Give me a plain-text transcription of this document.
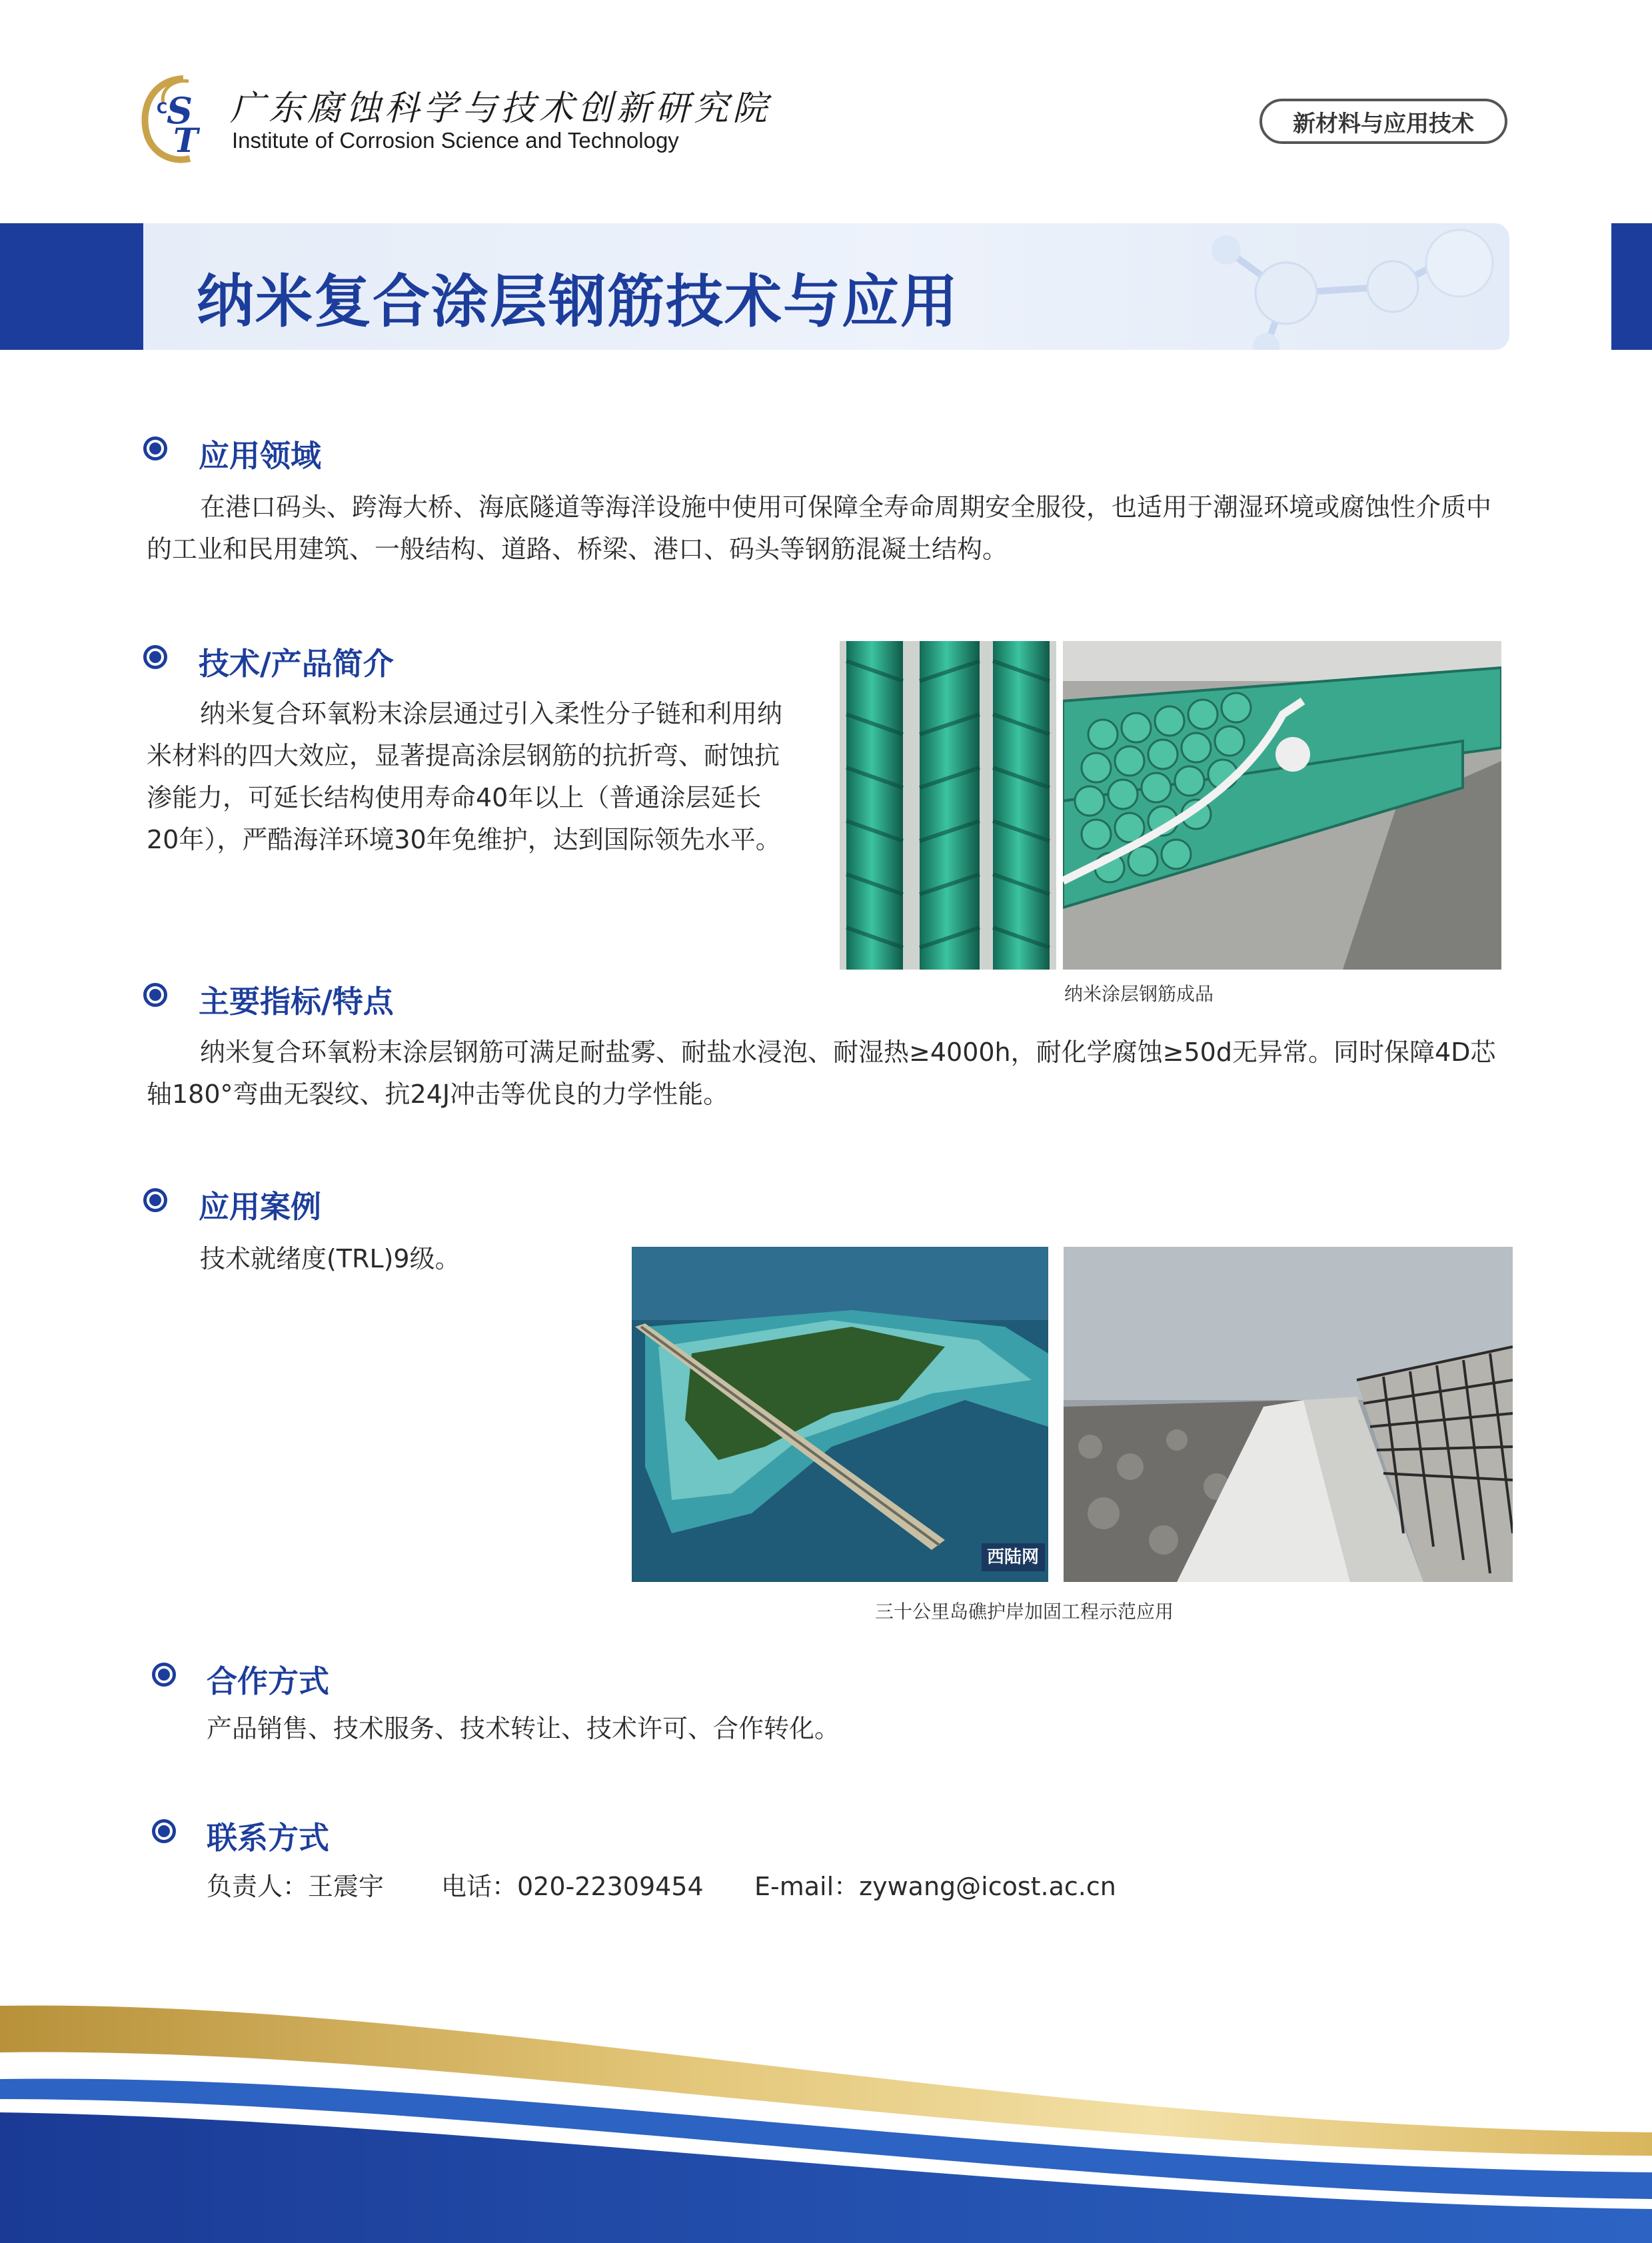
S
T
C 广东腐蚀科学与技术创新研究院
Institute of Corrosion Science and Technology
新材料与应用技术
纳米复合涂层钢筋技术与应用
应用领域
在港口码头、跨海大桥、海底隧道等海洋设施中使用可保障全寿命周期安全服役，也适用于潮湿环境或腐蚀性介质中的工业和民用建筑、一般结构、道路、桥梁、港口、码头等钢筋混凝土结构。
技术/产品简介
纳米复合环氧粉末涂层通过引入柔性分子链和利用纳米材料的四大效应，显著提高涂层钢筋的抗折弯、耐蚀抗渗能力，可延长结构使用寿命40年以上（普通涂层延长20年），严酷海洋环境30年免维护，达到国际领先水平。
纳米涂层钢筋成品
主要指标/特点
纳米复合环氧粉末涂层钢筋可满足耐盐雾、耐盐水浸泡、耐湿热≥4000h，耐化学腐蚀≥50d无异常。同时保障4D芯轴180°弯曲无裂纹、抗24J冲击等优良的力学性能。
应用案例
技术就绪度(TRL)9级。
西陆网
三十公里岛礁护岸加固工程示范应用
合作方式
产品销售、技术服务、技术转让、技术许可、合作转化。
联系方式
负责人：王震宇 电话：020-22309454 E-mail：zywang@icost.ac.cn
